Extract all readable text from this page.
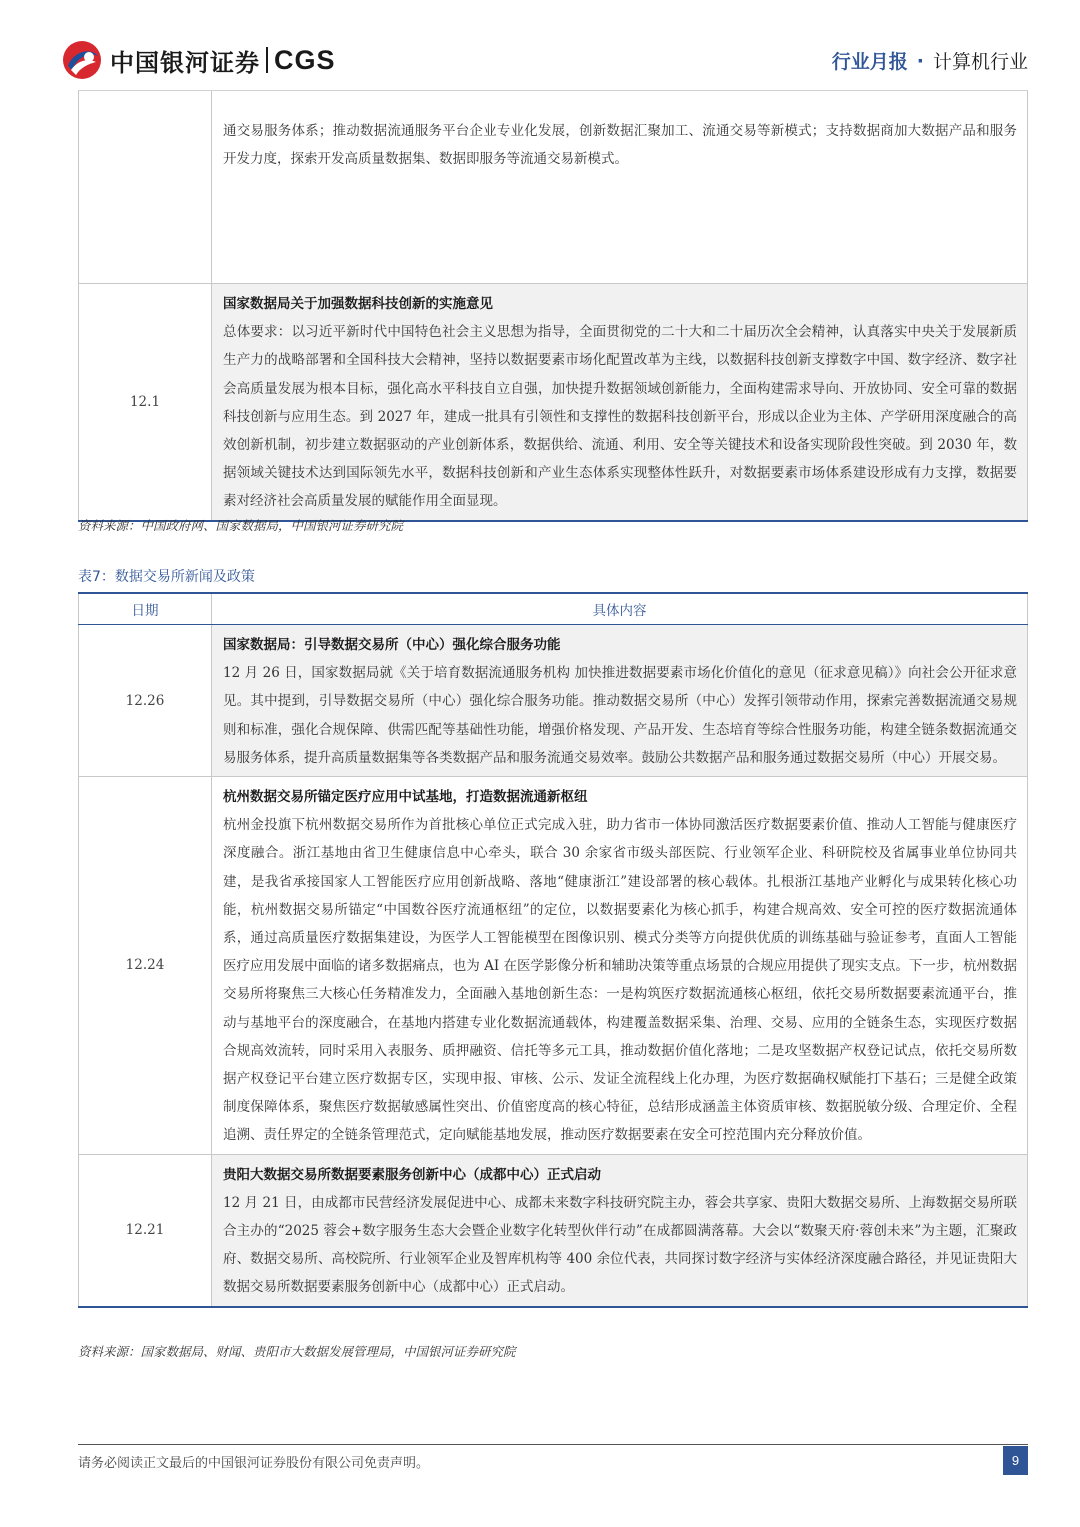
中国银河证券 CGS	行业月报 · 计算机行业

	通交易服务体系；推动数据流通服务平台企业专业化发展，创新数据汇聚加工、流通交易等新模式；支持数据商加大数据产品和服务开发力度，探索开发高质量数据集、数据即服务等流通交易新模式。

12.1	国家数据局关于加强数据科技创新的实施意见
总体要求：以习近平新时代中国特色社会主义思想为指导，全面贯彻党的二十大和二十届历次全会精神，认真落实中央关于发展新质生产力的战略部署和全国科技大会精神，坚持以数据要素市场化配置改革为主线，以数据科技创新支撑数字中国、数字经济、数字社会高质量发展为根本目标，强化高水平科技自立自强，加快提升数据领域创新能力，全面构建需求导向、开放协同、安全可靠的数据科技创新与应用生态。到 2027 年，建成一批具有引领性和支撑性的数据科技创新平台，形成以企业为主体、产学研用深度融合的高效创新机制，初步建立数据驱动的产业创新体系，数据供给、流通、利用、安全等关键技术和设备实现阶段性突破。到 2030 年，数据领域关键技术达到国际领先水平，数据科技创新和产业生态体系实现整体性跃升，对数据要素市场体系建设形成有力支撑，数据要素对经济社会高质量发展的赋能作用全面显现。
资料来源：中国政府网、国家数据局，中国银河证券研究院
表7：数据交易所新闻及政策
日期	具体内容
12.26	国家数据局：引导数据交易所（中心）强化综合服务功能
12 月 26 日，国家数据局就《关于培育数据流通服务机构 加快推进数据要素市场化价值化的意见（征求意见稿）》向社会公开征求意见。其中提到，引导数据交易所（中心）强化综合服务功能。推动数据交易所（中心）发挥引领带动作用，探索完善数据流通交易规则和标准，强化合规保障、供需匹配等基础性功能，增强价格发现、产品开发、生态培育等综合性服务功能，构建全链条数据流通交易服务体系，提升高质量数据集等各类数据产品和服务流通交易效率。鼓励公共数据产品和服务通过数据交易所（中心）开展交易。

12.24	杭州数据交易所锚定医疗应用中试基地，打造数据流通新枢纽
杭州金投旗下杭州数据交易所作为首批核心单位正式完成入驻，助力省市一体协同激活医疗数据要素价值、推动人工智能与健康医疗深度融合。浙江基地由省卫生健康信息中心牵头，联合 30 余家省市级头部医院、行业领军企业、科研院校及省属事业单位协同共建，是我省承接国家人工智能医疗应用创新战略、落地“健康浙江”建设部署的核心载体。扎根浙江基地产业孵化与成果转化核心功能，杭州数据交易所锚定“中国数谷医疗流通枢纽”的定位，以数据要素化为核心抓手，构建合规高效、安全可控的医疗数据流通体系，通过高质量医疗数据集建设，为医学人工智能模型在图像识别、模式分类等方向提供优质的训练基础与验证参考，直面人工智能医疗应用发展中面临的诸多数据痛点，也为 AI 在医学影像分析和辅助决策等重点场景的合规应用提供了现实支点。下一步，杭州数据交易所将聚焦三大核心任务精准发力，全面融入基地创新生态：一是构筑医疗数据流通核心枢纽，依托交易所数据要素流通平台，推动与基地平台的深度融合，在基地内搭建专业化数据流通载体，构建覆盖数据采集、治理、交易、应用的全链条生态，实现医疗数据合规高效流转，同时采用入表服务、质押融资、信托等多元工具，推动数据价值化落地；二是攻坚数据产权登记试点，依托交易所数据产权登记平台建立医疗数据专区，实现申报、审核、公示、发证全流程线上化办理，为医疗数据确权赋能打下基石；三是健全政策制度保障体系，聚焦医疗数据敏感属性突出、价值密度高的核心特征，总结形成涵盖主体资质审核、数据脱敏分级、合理定价、全程追溯、责任界定的全链条管理范式，定向赋能基地发展，推动医疗数据要素在安全可控范围内充分释放价值。

12.21	贵阳大数据交易所数据要素服务创新中心（成都中心）正式启动
12 月 21 日，由成都市民营经济发展促进中心、成都未来数字科技研究院主办，蓉会共享家、贵阳大数据交易所、上海数据交易所联合主办的“2025 蓉会+数字服务生态大会暨企业数字化转型伙伴行动”在成都圆满落幕。大会以“数聚天府·蓉创未来”为主题，汇聚政府、数据交易所、高校院所、行业领军企业及智库机构等 400 余位代表，共同探讨数字经济与实体经济深度融合路径，并见证贵阳大数据交易所数据要素服务创新中心（成都中心）正式启动。
资料来源：国家数据局、财闻、贵阳市大数据发展管理局，中国银河证券研究院
请务必阅读正文最后的中国银河证券股份有限公司免责声明。	9
